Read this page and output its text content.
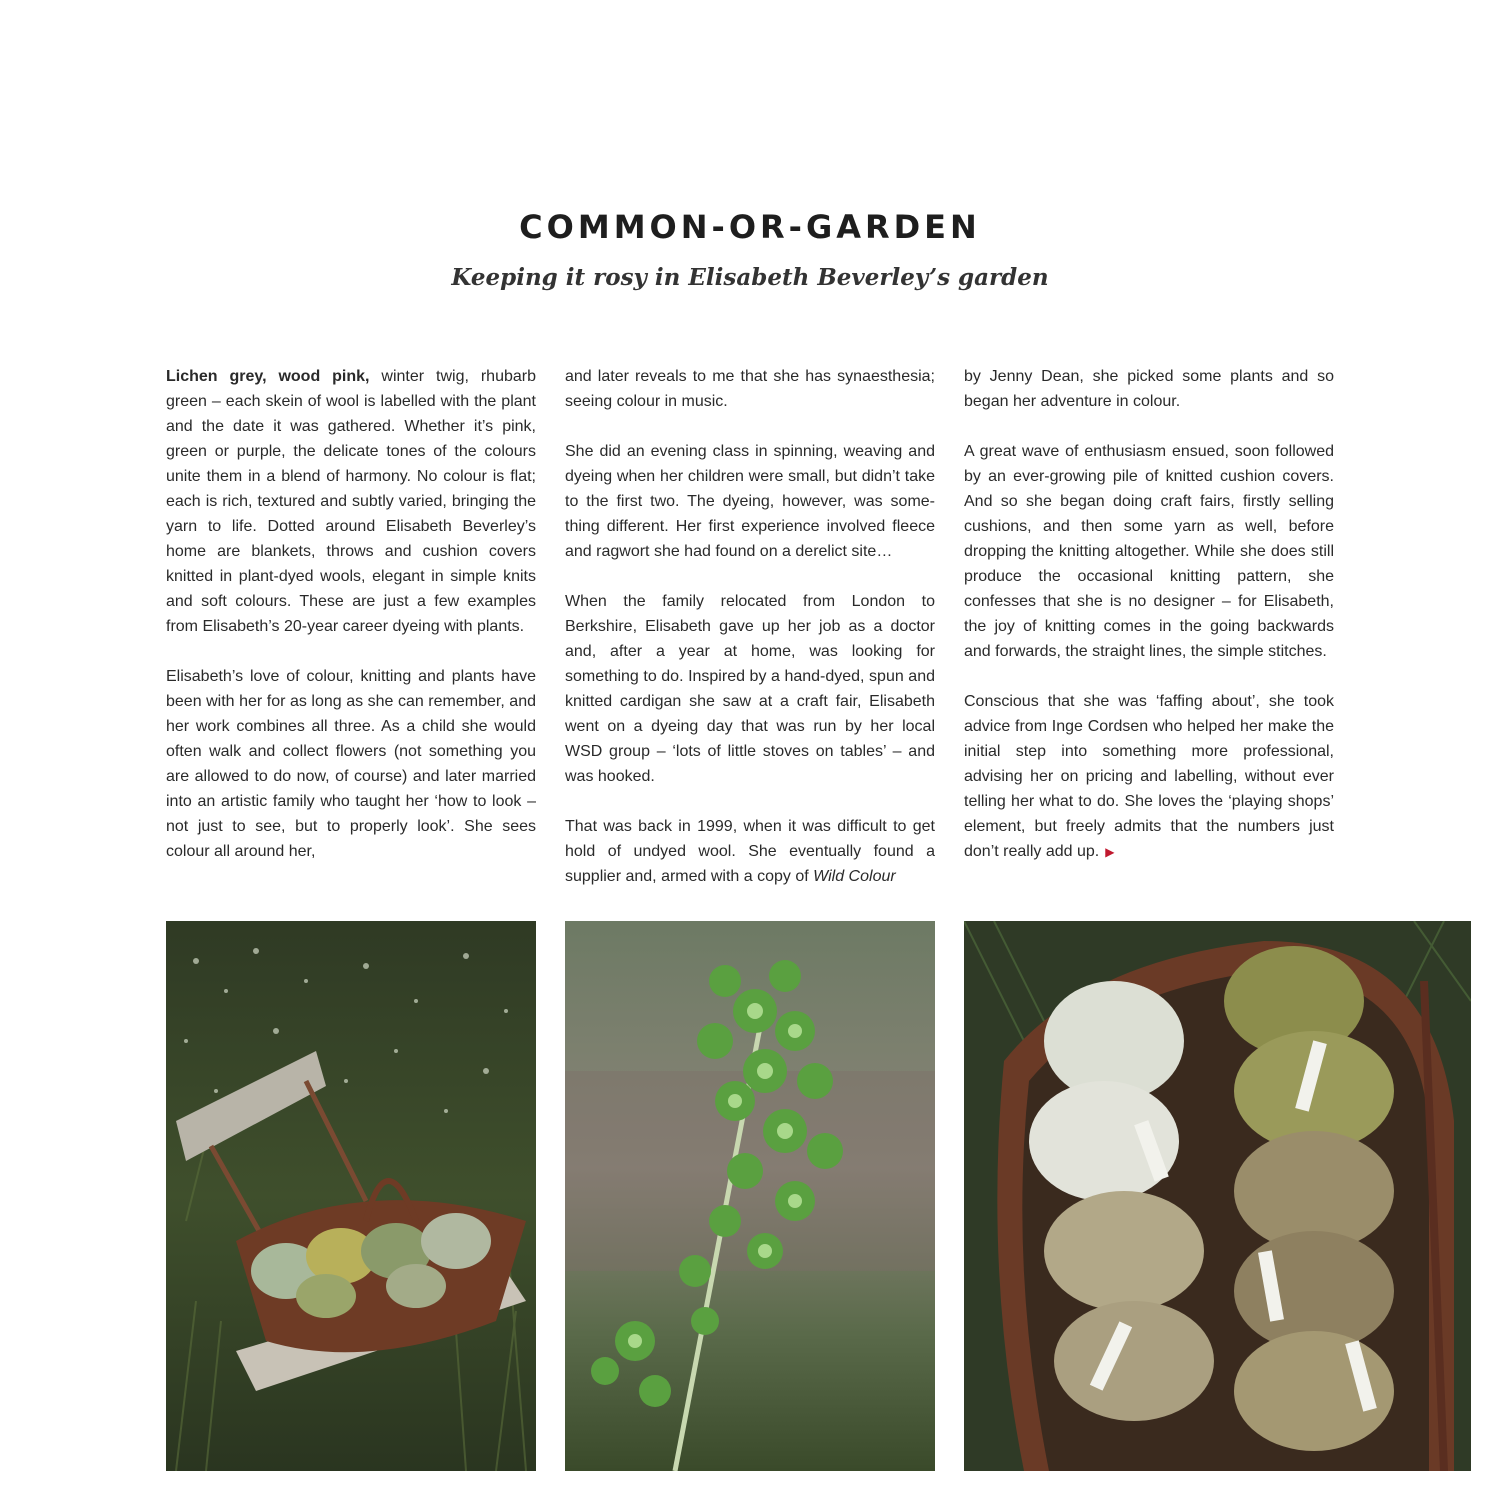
COMMON-OR-GARDEN
Keeping it rosy in Elisabeth Beverley’s garden

Lichen grey, wood pink, winter twig, rhubarb green – each skein of wool is labelled with the plant and the date it was gathered. Whether it’s pink, green or purple, the delicate tones of the colours unite them in a blend of harmony. No colour is flat; each is rich, textured and subtly varied, bringing the yarn to life. Dotted around Elisabeth Beverley’s home are blankets, throws and cushion covers knitted in plant-dyed wools, elegant in simple knits and soft colours. These are just a few examples from Elisabeth’s 20-year career dyeing with plants.

Elisabeth’s love of colour, knitting and plants have been with her for as long as she can remember, and her work combines all three. As a child she would often walk and collect flowers (not something you are allowed to do now, of course) and later married into an artistic family who taught her ‘how to look – not just to see, but to properly look’. She sees colour all around her,

and later reveals to me that she has synaesthesia; seeing colour in music.

She did an evening class in spinning, weaving and dyeing when her children were small, but didn’t take to the first two. The dyeing, however, was some-thing different. Her first experience involved fleece and ragwort she had found on a derelict site…

When the family relocated from London to Berkshire, Elisabeth gave up her job as a doctor and, after a year at home, was looking for something to do. Inspired by a hand-dyed, spun and knitted cardigan she saw at a craft fair, Elisabeth went on a dyeing day that was run by her local WSD group – ‘lots of little stoves on tables’ – and was hooked.

That was back in 1999, when it was difficult to get hold of undyed wool. She eventually found a supplier and, armed with a copy of Wild Colour

by Jenny Dean, she picked some plants and so began her adventure in colour.

A great wave of enthusiasm ensued, soon followed by an ever-growing pile of knitted cushion covers. And so she began doing craft fairs, firstly selling cushions, and then some yarn as well, before dropping the knitting altogether. While she does still produce the occasional knitting pattern, she confesses that she is no designer – for Elisabeth, the joy of knitting comes in the going backwards and forwards, the straight lines, the simple stitches.

Conscious that she was ‘faffing about’, she took advice from Inge Cordsen who helped her make the initial step into something more professional, advising her on pricing and labelling, without ever telling her what to do. She loves the ‘playing shops’ element, but freely admits that the numbers just don’t really add up. ▶
